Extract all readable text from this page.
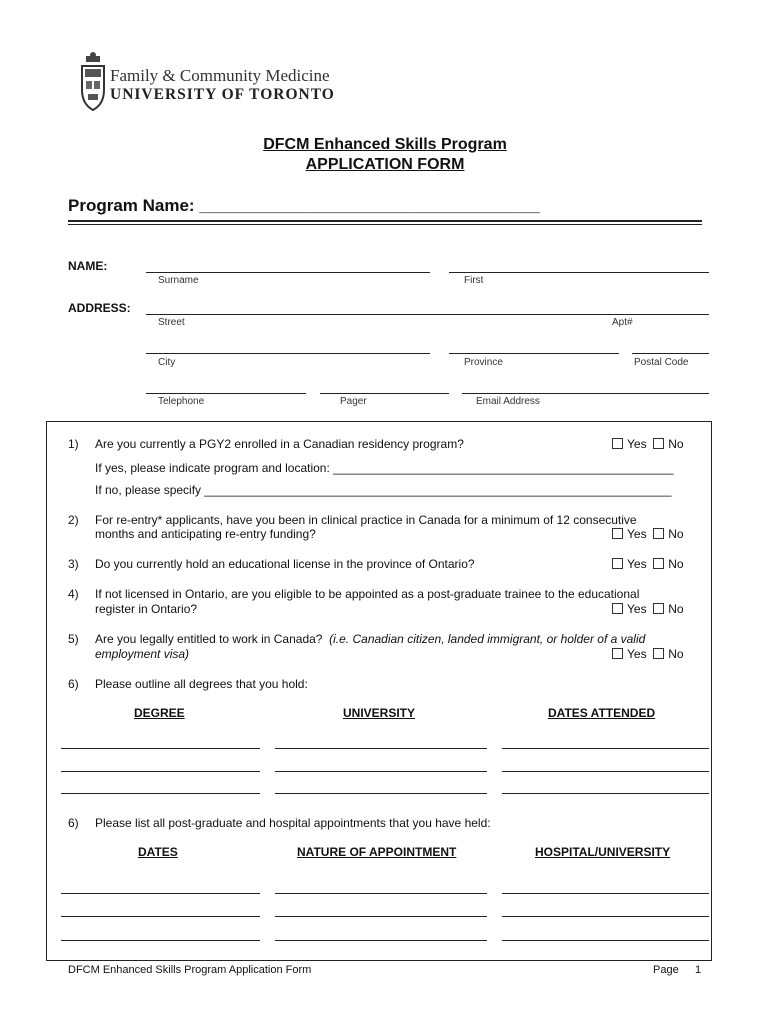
Family & Community Medicine
UNIVERSITY OF TORONTO
DFCM Enhanced Skills Program
APPLICATION FORM
Program Name: ____________________________________
NAME:
Surname	First
ADDRESS:
Street	Apt#
City	Province	Postal Code
Telephone	Pager	Email Address
1) Are you currently a PGY2 enrolled in a Canadian residency program?	Yes No
If yes, please indicate program and location: ___________________________________________________
If no, please specify ______________________________________________________________________
2) For re-entry* applicants, have you been in clinical practice in Canada for a minimum of 12 consecutive
months and anticipating re-entry funding?	Yes No
3) Do you currently hold an educational license in the province of Ontario?	Yes No
4) If not licensed in Ontario, are you eligible to be appointed as a post-graduate trainee to the educational
register in Ontario?	Yes No
5) Are you legally entitled to work in Canada? (i.e. Canadian citizen, landed immigrant, or holder of a valid
employment visa)	Yes No
6) Please outline all degrees that you hold:
DEGREE	UNIVERSITY	DATES ATTENDED
6) Please list all post-graduate and hospital appointments that you have held:
DATES	NATURE OF APPOINTMENT	HOSPITAL/UNIVERSITY
DFCM Enhanced Skills Program Application Form	Page 1
